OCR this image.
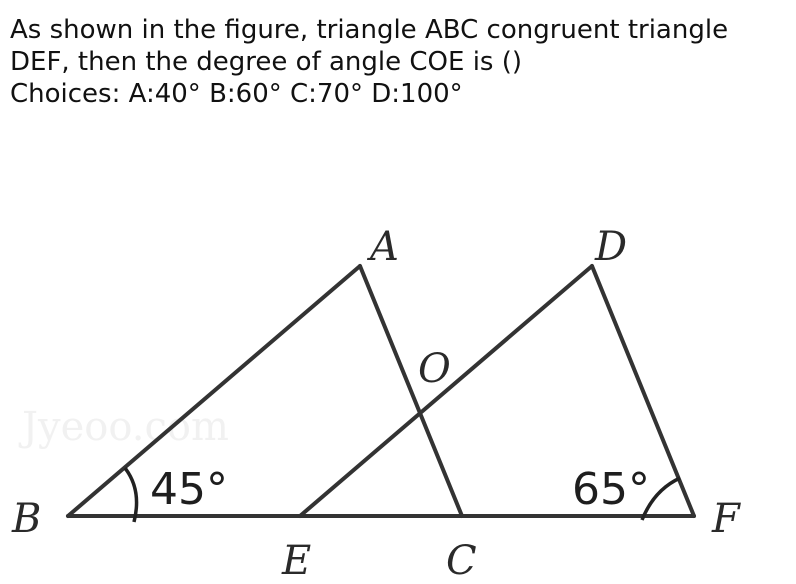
As shown in the figure, triangle ABC congruent triangle
DEF, then the degree of angle COE is ()
Choices: A:40° B:60° C:70° D:100°
Jyeoo.com
A
B
C
D
E
F
O
45°	65°
